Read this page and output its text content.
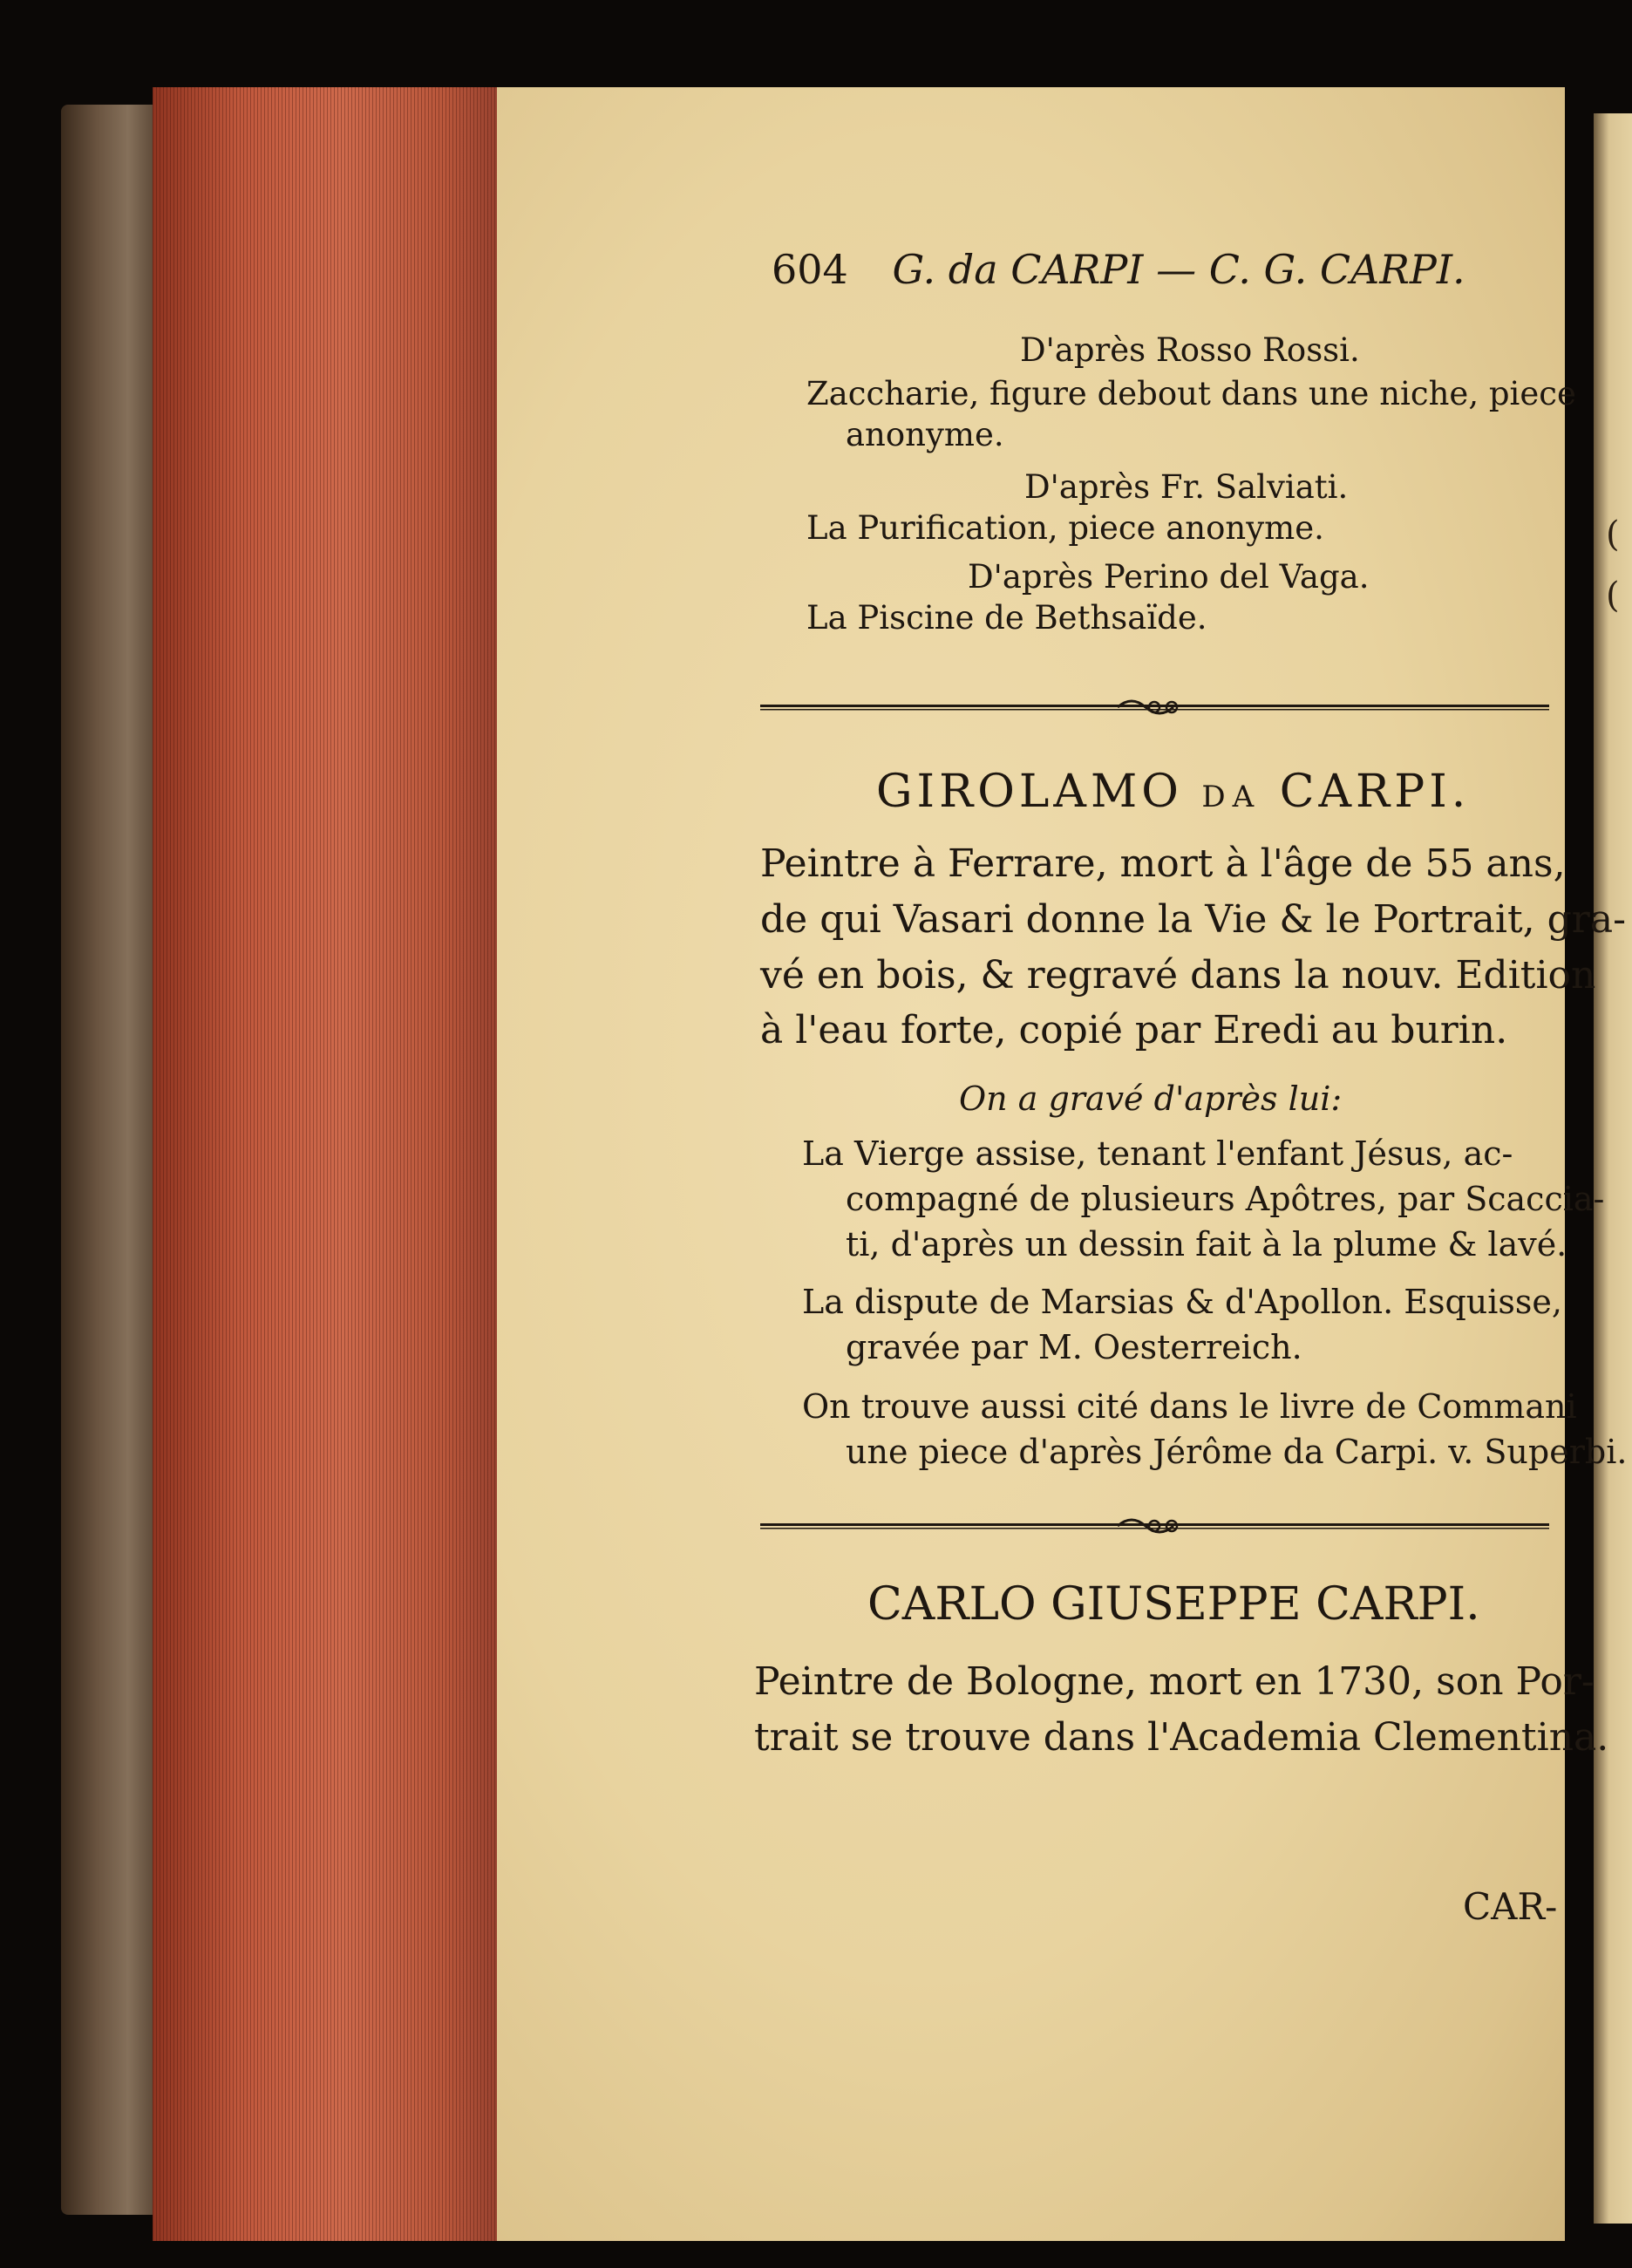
(
(
604 G. da CARPI — C. G. CARPI.
D'après Rosso Rossi.
Zaccharie, figure debout dans une niche, piece
anonyme.
D'après Fr. Salviati.
La Purification, piece anonyme.
D'après Perino del Vaga.
La Piscine de Bethsaïde.
GIROLAMO DA CARPI.
Peintre à Ferrare, mort à l'âge de 55 ans,
de qui Vasari donne la Vie & le Portrait, gra-
vé en bois, & regravé dans la nouv. Edition
à l'eau forte, copié par Eredi au burin.
On a gravé d'après lui:
La Vierge assise, tenant l'enfant Jésus, ac-
compagné de plusieurs Apôtres, par Scaccia-
ti, d'après un dessin fait à la plume & lavé.
La dispute de Marsias & d'Apollon. Esquisse,
gravée par M. Oesterreich.
On trouve aussi cité dans le livre de Commani
une piece d'après Jérôme da Carpi. v. Superbi.
CARLO GIUSEPPE CARPI.
Peintre de Bologne, mort en 1730, son Por-
trait se trouve dans l'Academia Clementina.
CAR-
